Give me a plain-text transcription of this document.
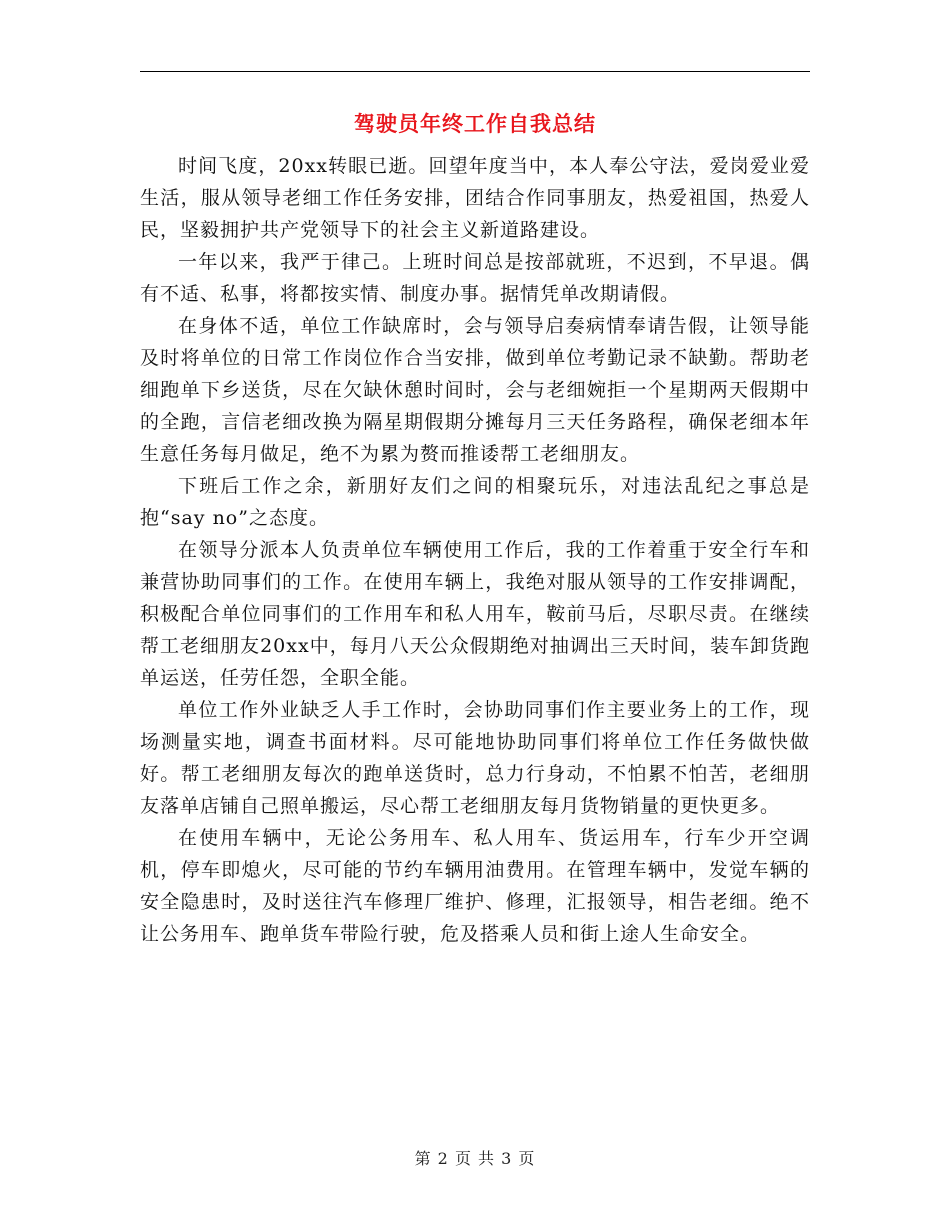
驾驶员年终工作自我总结

时间飞度，20xx转眼已逝。回望年度当中，本人奉公守法，爱岗爱业爱生活，服从领导老细工作任务安排，团结合作同事朋友，热爱祖国，热爱人民，坚毅拥护共产党领导下的社会主义新道路建设。

一年以来，我严于律己。上班时间总是按部就班，不迟到，不早退。偶有不适、私事，将都按实情、制度办事。据情凭单改期请假。

在身体不适，单位工作缺席时，会与领导启奏病情奉请告假，让领导能及时将单位的日常工作岗位作合当安排，做到单位考勤记录不缺勤。帮助老细跑单下乡送货，尽在欠缺休憩时间时，会与老细婉拒一个星期两天假期中的全跑，言信老细改换为隔星期假期分摊每月三天任务路程，确保老细本年生意任务每月做足，绝不为累为赘而推诿帮工老细朋友。

下班后工作之余，新朋好友们之间的相聚玩乐，对违法乱纪之事总是抱“say no”之态度。

在领导分派本人负责单位车辆使用工作后，我的工作着重于安全行车和兼营协助同事们的工作。在使用车辆上，我绝对服从领导的工作安排调配，积极配合单位同事们的工作用车和私人用车，鞍前马后，尽职尽责。在继续帮工老细朋友20xx中，每月八天公众假期绝对抽调出三天时间，装车卸货跑单运送，任劳任怨，全职全能。

单位工作外业缺乏人手工作时，会协助同事们作主要业务上的工作，现场测量实地，调查书面材料。尽可能地协助同事们将单位工作任务做快做好。帮工老细朋友每次的跑单送货时，总力行身动，不怕累不怕苦，老细朋友落单店铺自己照单搬运，尽心帮工老细朋友每月货物销量的更快更多。

在使用车辆中，无论公务用车、私人用车、货运用车，行车少开空调机，停车即熄火，尽可能的节约车辆用油费用。在管理车辆中，发觉车辆的安全隐患时，及时送往汽车修理厂维护、修理，汇报领导，相告老细。绝不让公务用车、跑单货车带险行驶，危及搭乘人员和街上途人生命安全。

第 2 页 共 3 页
